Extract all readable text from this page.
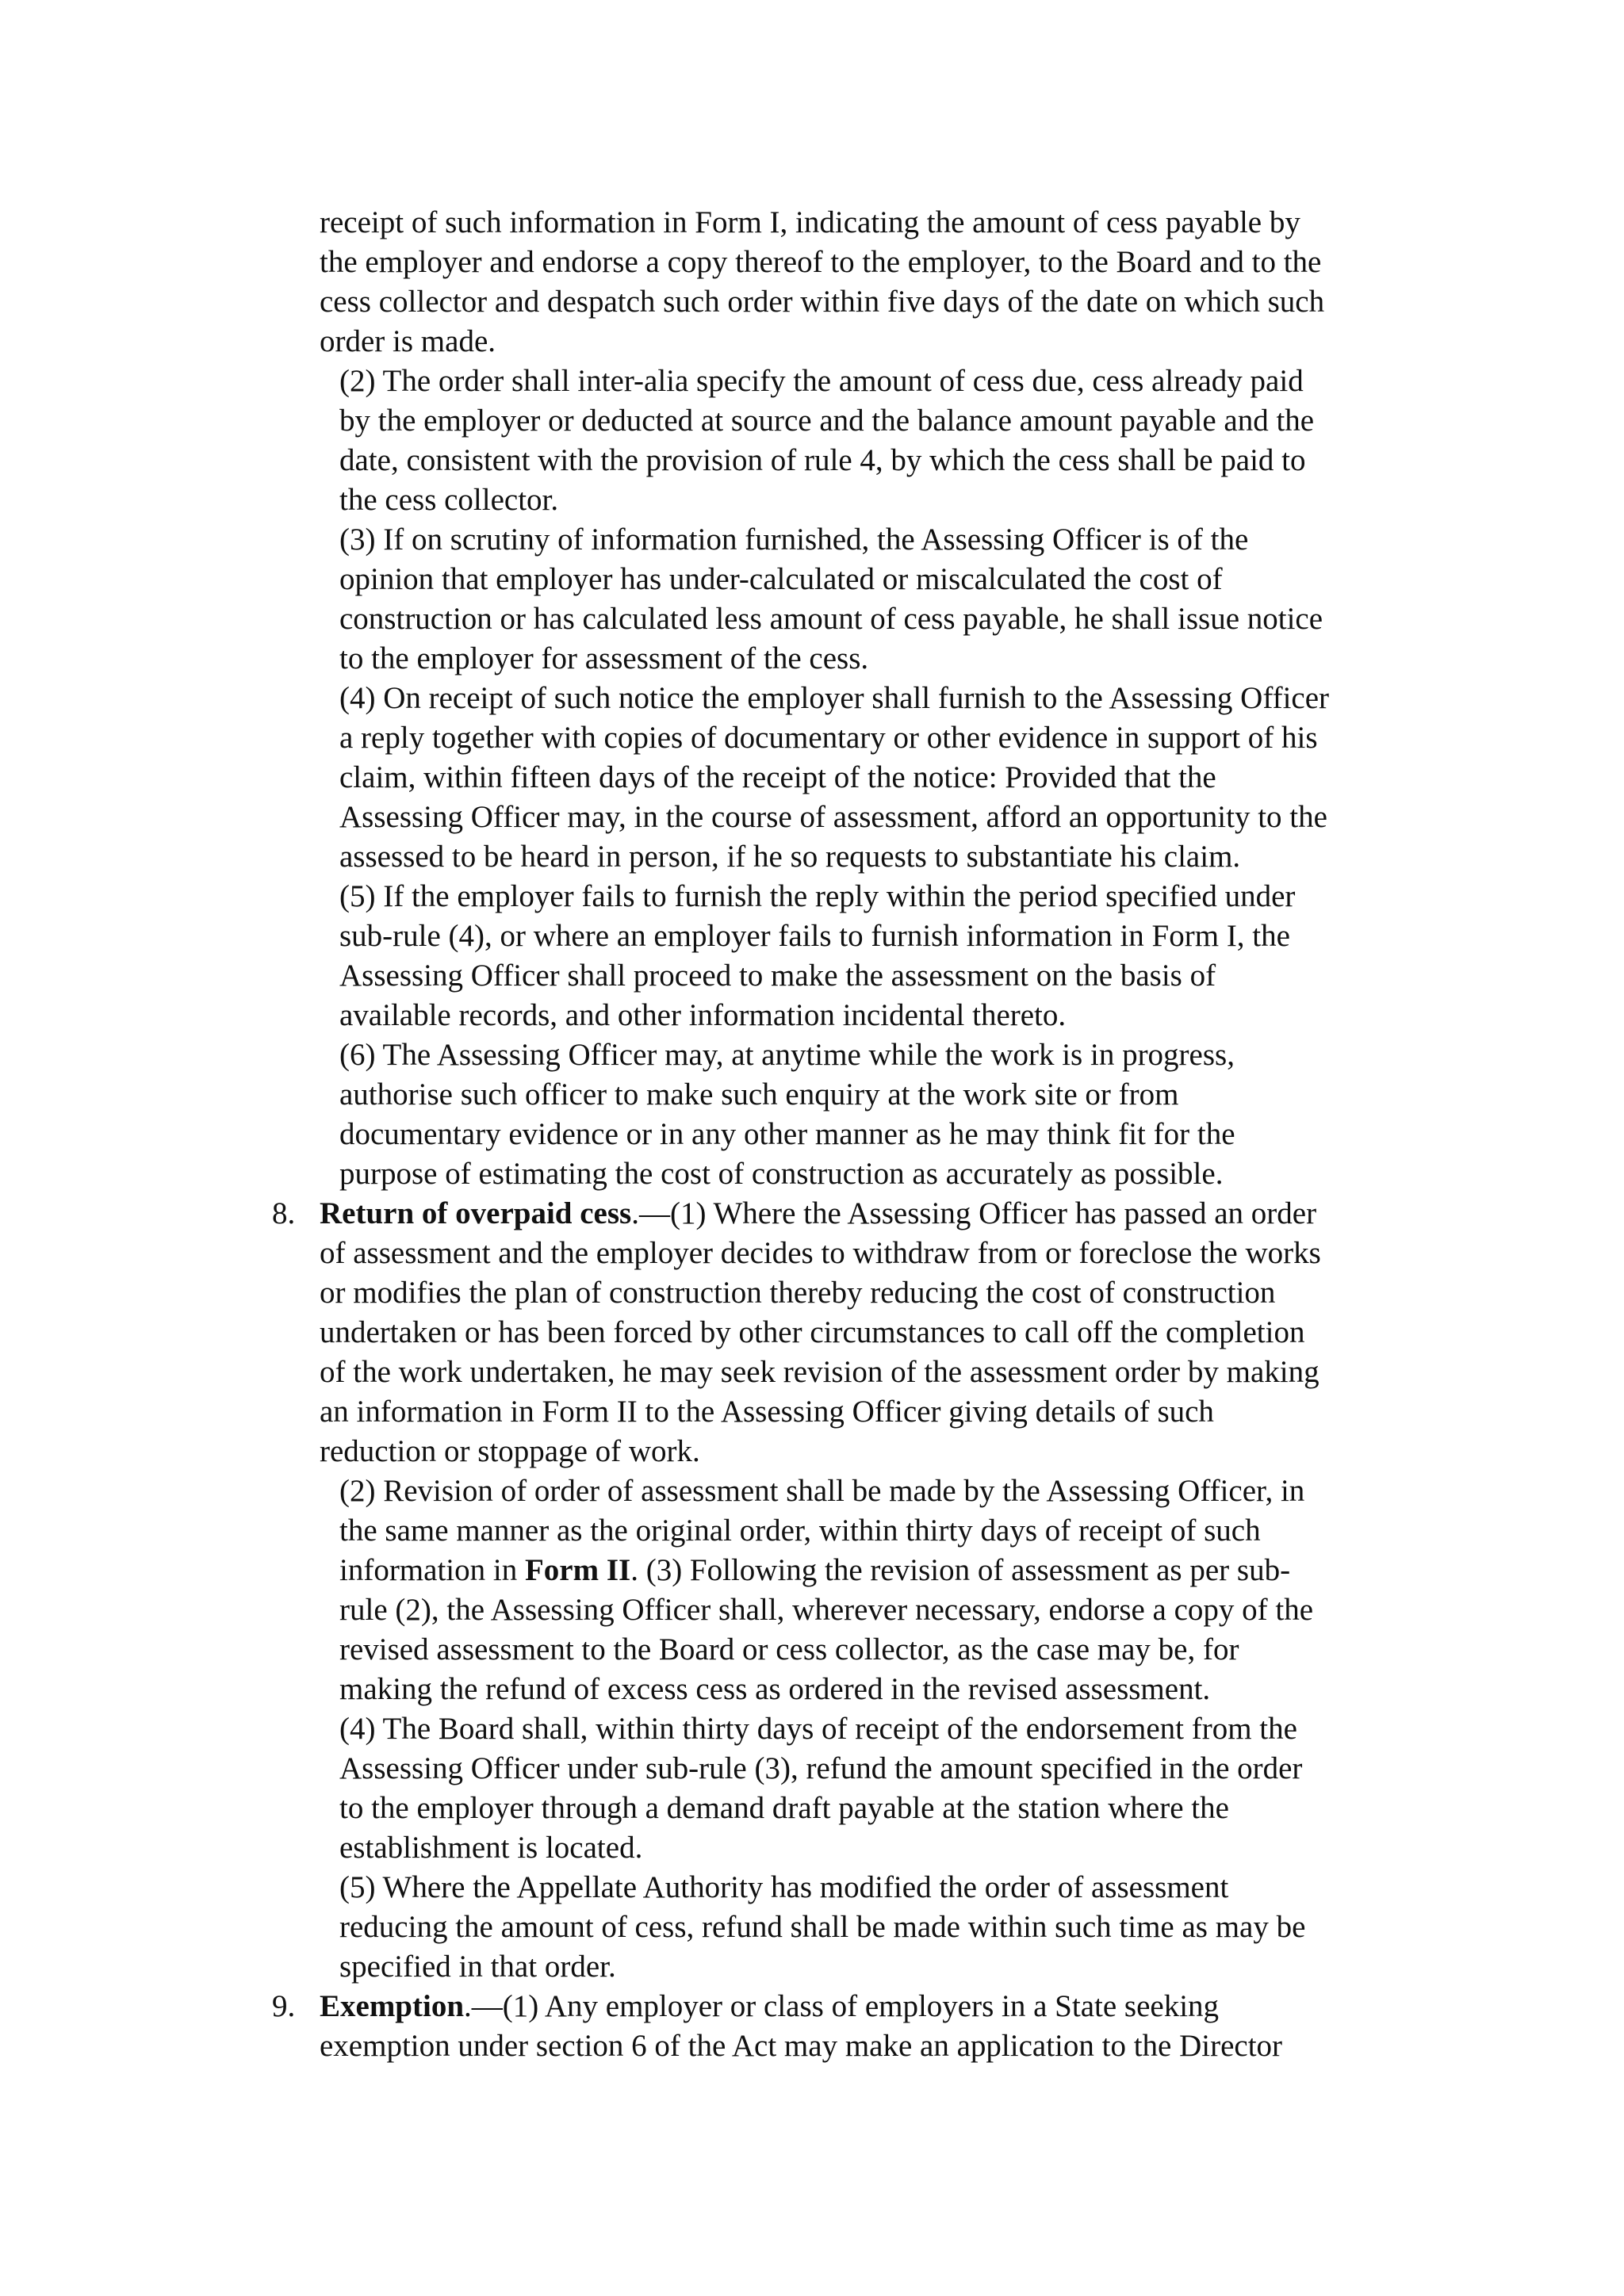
receipt of such information in Form I, indicating the amount of cess payable by

the employer and endorse a copy thereof to the employer, to the Board and to the

cess collector and despatch such order within five days of the date on which such

order is made.

(2) The order shall inter-alia specify the amount of cess due, cess already paid

by the employer or deducted at source and the balance amount payable and the

date, consistent with the provision of rule 4, by which the cess shall be paid to

the cess collector.

(3) If on scrutiny of information furnished, the Assessing Officer is of the

opinion that employer has under-calculated or miscalculated the cost of

construction or has calculated less amount of cess payable, he shall issue notice

to the employer for assessment of the cess.

(4) On receipt of such notice the employer shall furnish to the Assessing Officer

a reply together with copies of documentary or other evidence in support of his

claim, within fifteen days of the receipt of the notice: Provided that the

Assessing Officer may, in the course of assessment, afford an opportunity to the

assessed to be heard in person, if he so requests to substantiate his claim.

(5) If the employer fails to furnish the reply within the period specified under

sub-rule (4), or where an employer fails to furnish information in Form I, the

Assessing Officer shall proceed to make the assessment on the basis of

available records, and other information incidental thereto.

(6) The Assessing Officer may, at anytime while the work is in progress,

authorise such officer to make such enquiry at the work site or from

documentary evidence or in any other manner as he may think fit for the

purpose of estimating the cost of construction as accurately as possible.

8. Return of overpaid cess.—(1) Where the Assessing Officer has passed an order

of assessment and the employer decides to withdraw from or foreclose the works

or modifies the plan of construction thereby reducing the cost of construction

undertaken or has been forced by other circumstances to call off the completion

of the work undertaken, he may seek revision of the assessment order by making

an information in Form II to the Assessing Officer giving details of such

reduction or stoppage of work.

(2) Revision of order of assessment shall be made by the Assessing Officer, in

the same manner as the original order, within thirty days of receipt of such

information in Form II. (3) Following the revision of assessment as per sub-

rule (2), the Assessing Officer shall, wherever necessary, endorse a copy of the

revised assessment to the Board or cess collector, as the case may be, for

making the refund of excess cess as ordered in the revised assessment.

(4) The Board shall, within thirty days of receipt of the endorsement from the

Assessing Officer under sub-rule (3), refund the amount specified in the order

to the employer through a demand draft payable at the station where the

establishment is located.

(5) Where the Appellate Authority has modified the order of assessment

reducing the amount of cess, refund shall be made within such time as may be

specified in that order.

9. Exemption.—(1) Any employer or class of employers in a State seeking

exemption under section 6 of the Act may make an application to the Director
